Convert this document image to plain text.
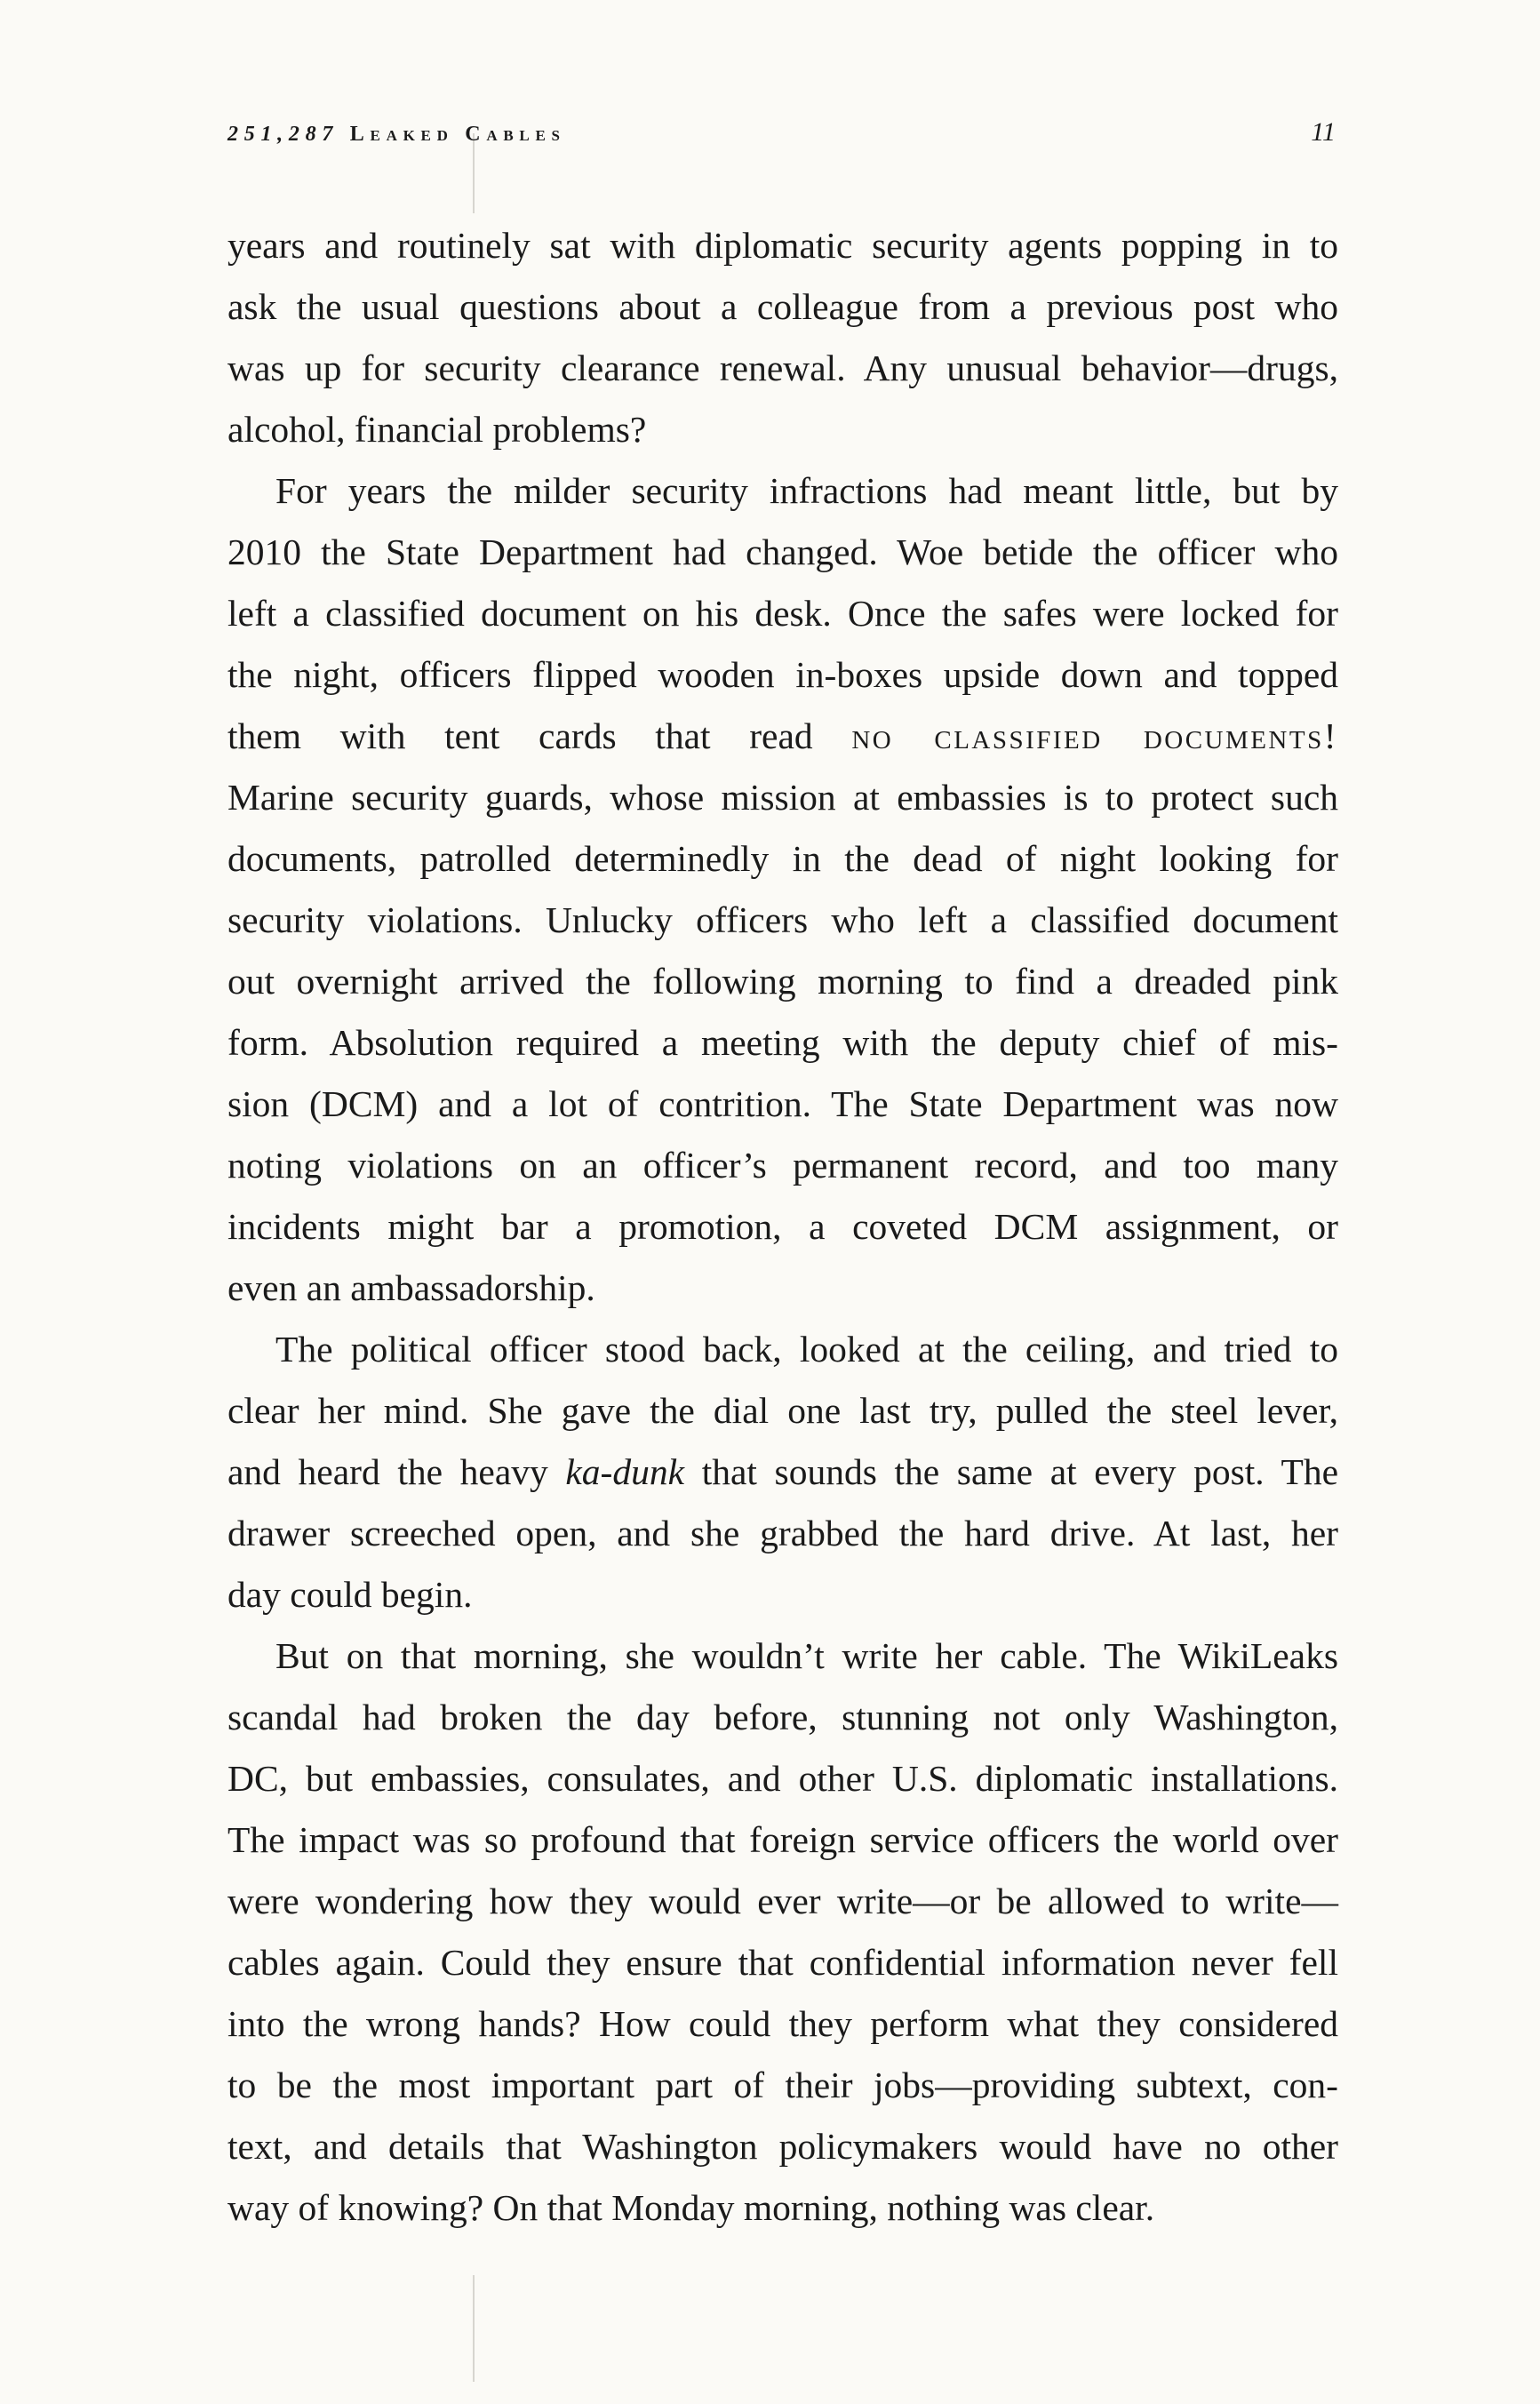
251,287 Leaked Cables	11
years and routinely sat with diplomatic security agents popping in to
ask the usual questions about a colleague from a previous post who
was up for security clearance renewal. Any unusual behavior—drugs,
alcohol, financial problems?
For years the milder security infractions had meant little, but by
2010 the State Department had changed. Woe betide the officer who
left a classified document on his desk. Once the safes were locked for
the night, officers flipped wooden in-boxes upside down and topped
them with tent cards that read no classified documents!
Marine security guards, whose mission at embassies is to protect such
documents, patrolled determinedly in the dead of night looking for
security violations. Unlucky officers who left a classified document
out overnight arrived the following morning to find a dreaded pink
form. Absolution required a meeting with the deputy chief of mis-
sion (DCM) and a lot of contrition. The State Department was now
noting violations on an officer’s permanent record, and too many
incidents might bar a promotion, a coveted DCM assignment, or
even an ambassadorship.
The political officer stood back, looked at the ceiling, and tried to
clear her mind. She gave the dial one last try, pulled the steel lever,
and heard the heavy ka-dunk that sounds the same at every post. The
drawer screeched open, and she grabbed the hard drive. At last, her
day could begin.
But on that morning, she wouldn’t write her cable. The WikiLeaks
scandal had broken the day before, stunning not only Washington,
DC, but embassies, consulates, and other U.S. diplomatic installations.
The impact was so profound that foreign service officers the world over
were wondering how they would ever write—or be allowed to write—
cables again. Could they ensure that confidential information never fell
into the wrong hands? How could they perform what they considered
to be the most important part of their jobs—providing subtext, con-
text, and details that Washington policymakers would have no other
way of knowing? On that Monday morning, nothing was clear.
